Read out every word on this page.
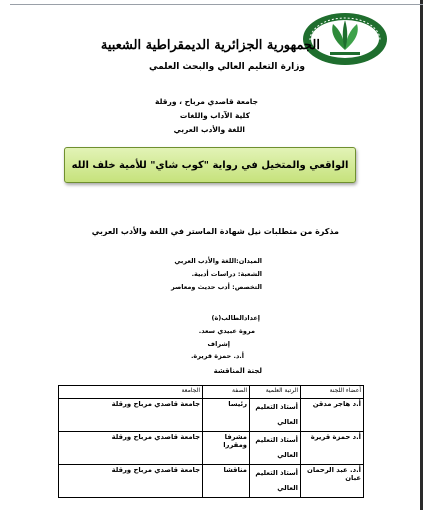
الجمهورية الجزائرية الديمقراطية الشعبية
وزارة التعليم العالي والبحث العلمي
جامعة قاصدي مرباح ، ورقلة
كلية الآداب واللغات
اللغة والأدب العربي
الواقعي والمتخيل في رواية "كوب شاي" للأمية خلف الله
مذكرة من متطلبات نيل شهادة الماستر في اللغة والأدب العربي
الميدان:اللغة والأدب العربي
الشعبة: دراسات أدبية.
التخصص: أدب حديث ومعاصر
إعدادالطالب(ة)
مروة عبيدي سعد.
إشراف
أ.د. حمزة قريرة.
لجنة المناقشة
أعضاء اللجنة	الرتبة العلمية	الصفة	الجامعة
أ.د هاجر مدقن	أستاذ التعليم العالي	رئيسا	جامعة قاصدي مرباح ورقلة
أ.د حمزة قريرة	أستاذ التعليم العالي	مشرفا ومقررا	جامعة قاصدي مرباح ورقلة
أ.د. عبد الرحمان عبان	أستاذ التعليم العالي	مناقشا	جامعة قاصدي مرباح ورقلة
